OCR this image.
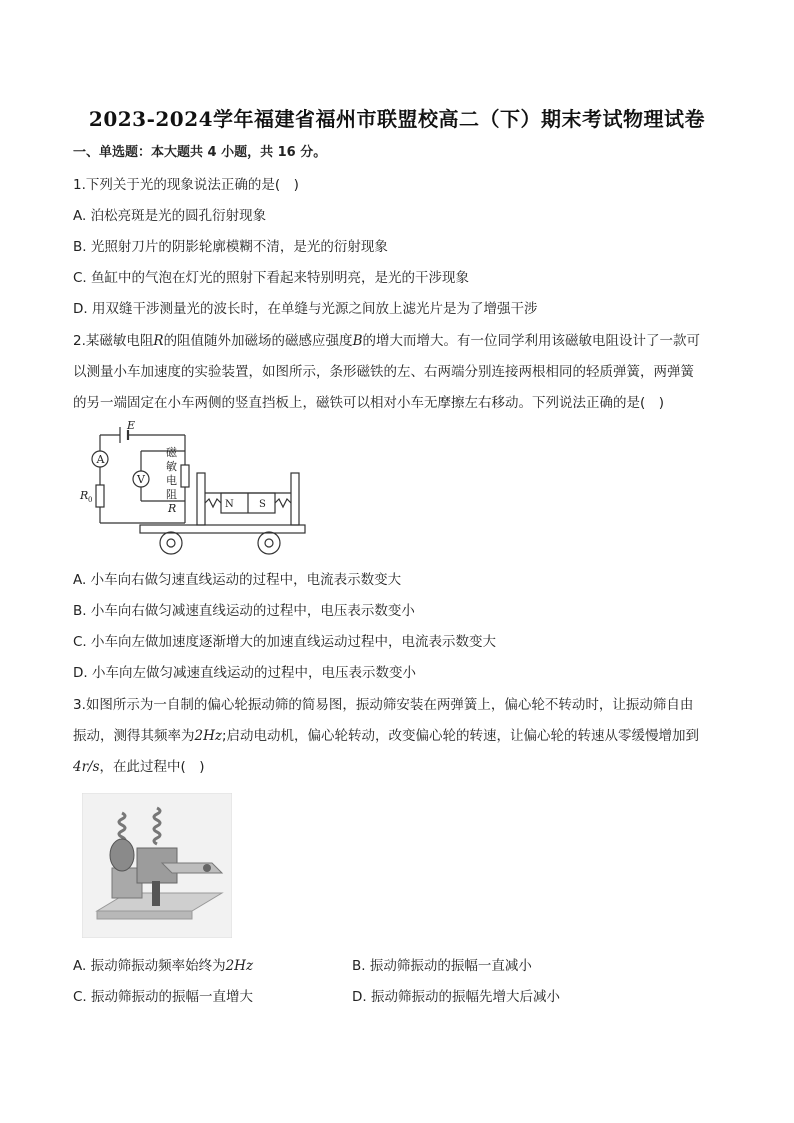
2023-2024学年福建省福州市联盟校高二（下）期末考试物理试卷
一、单选题：本大题共 4 小题，共 16 分。
1.下列关于光的现象说法正确的是(　)
A. 泊松亮斑是光的圆孔衍射现象
B. 光照射刀片的阴影轮廓模糊不清，是光的衍射现象
C. 鱼缸中的气泡在灯光的照射下看起来特别明亮，是光的干涉现象
D. 用双缝干涉测量光的波长时，在单缝与光源之间放上滤光片是为了增强干涉
2.某磁敏电阻R的阻值随外加磁场的磁感应强度B的增大而增大。有一位同学利用该磁敏电阻设计了一款可
以测量小车加速度的实验装置，如图所示，条形磁铁的左、右两端分别连接两根相同的轻质弹簧，两弹簧
的另一端固定在小车两侧的竖直挡板上，磁铁可以相对小车无摩擦左右移动。下列说法正确的是(　)
E
A
V
R 0
磁
敏
电
阻
R	N	S
A. 小车向右做匀速直线运动的过程中，电流表示数变大
B. 小车向右做匀减速直线运动的过程中，电压表示数变小
C. 小车向左做加速度逐渐增大的加速直线运动过程中，电流表示数变大
D. 小车向左做匀减速直线运动的过程中，电压表示数变小
3.如图所示为一自制的偏心轮振动筛的简易图，振动筛安装在两弹簧上，偏心轮不转动时，让振动筛自由
振动，测得其频率为2Hz;启动电动机，偏心轮转动，改变偏心轮的转速，让偏心轮的转速从零缓慢增加到
4r/s，在此过程中(　)
A. 振动筛振动频率始终为2Hz	B. 振动筛振动的振幅一直减小
C. 振动筛振动的振幅一直增大	D. 振动筛振动的振幅先增大后减小
